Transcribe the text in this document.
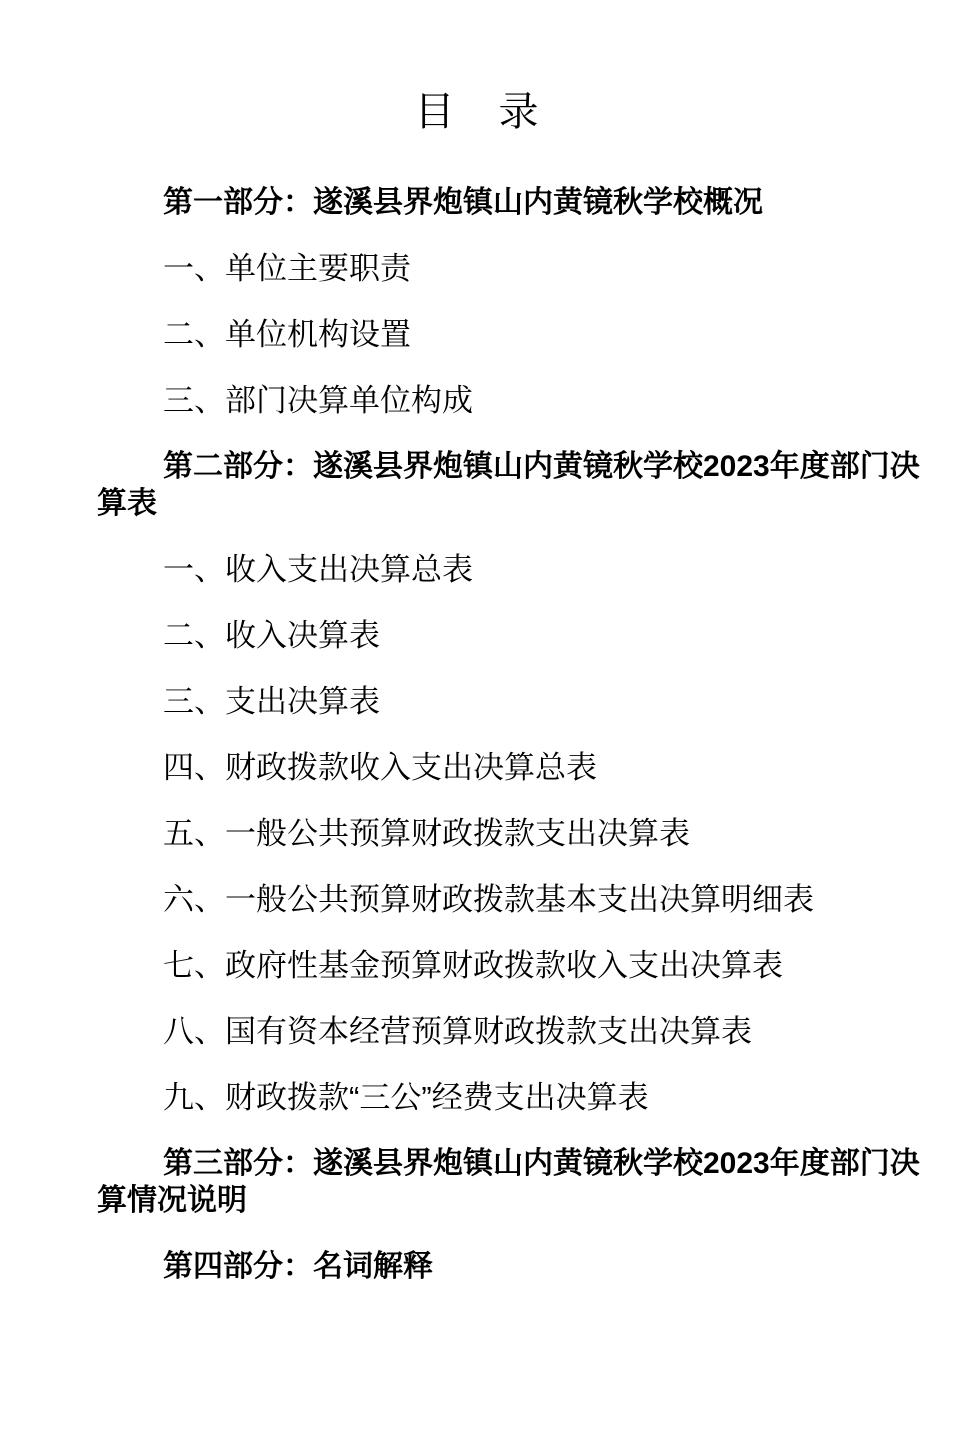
目　录

第一部分：遂溪县界炮镇山内黄镜秋学校概况

一、单位主要职责

二、单位机构设置

三、部门决算单位构成

第二部分：遂溪县界炮镇山内黄镜秋学校2023年度部门决算表

一、收入支出决算总表

二、收入决算表

三、支出决算表

四、财政拨款收入支出决算总表

五、一般公共预算财政拨款支出决算表

六、一般公共预算财政拨款基本支出决算明细表

七、政府性基金预算财政拨款收入支出决算表

八、国有资本经营预算财政拨款支出决算表

九、财政拨款“三公”经费支出决算表

第三部分：遂溪县界炮镇山内黄镜秋学校2023年度部门决算情况说明

第四部分：名词解释
